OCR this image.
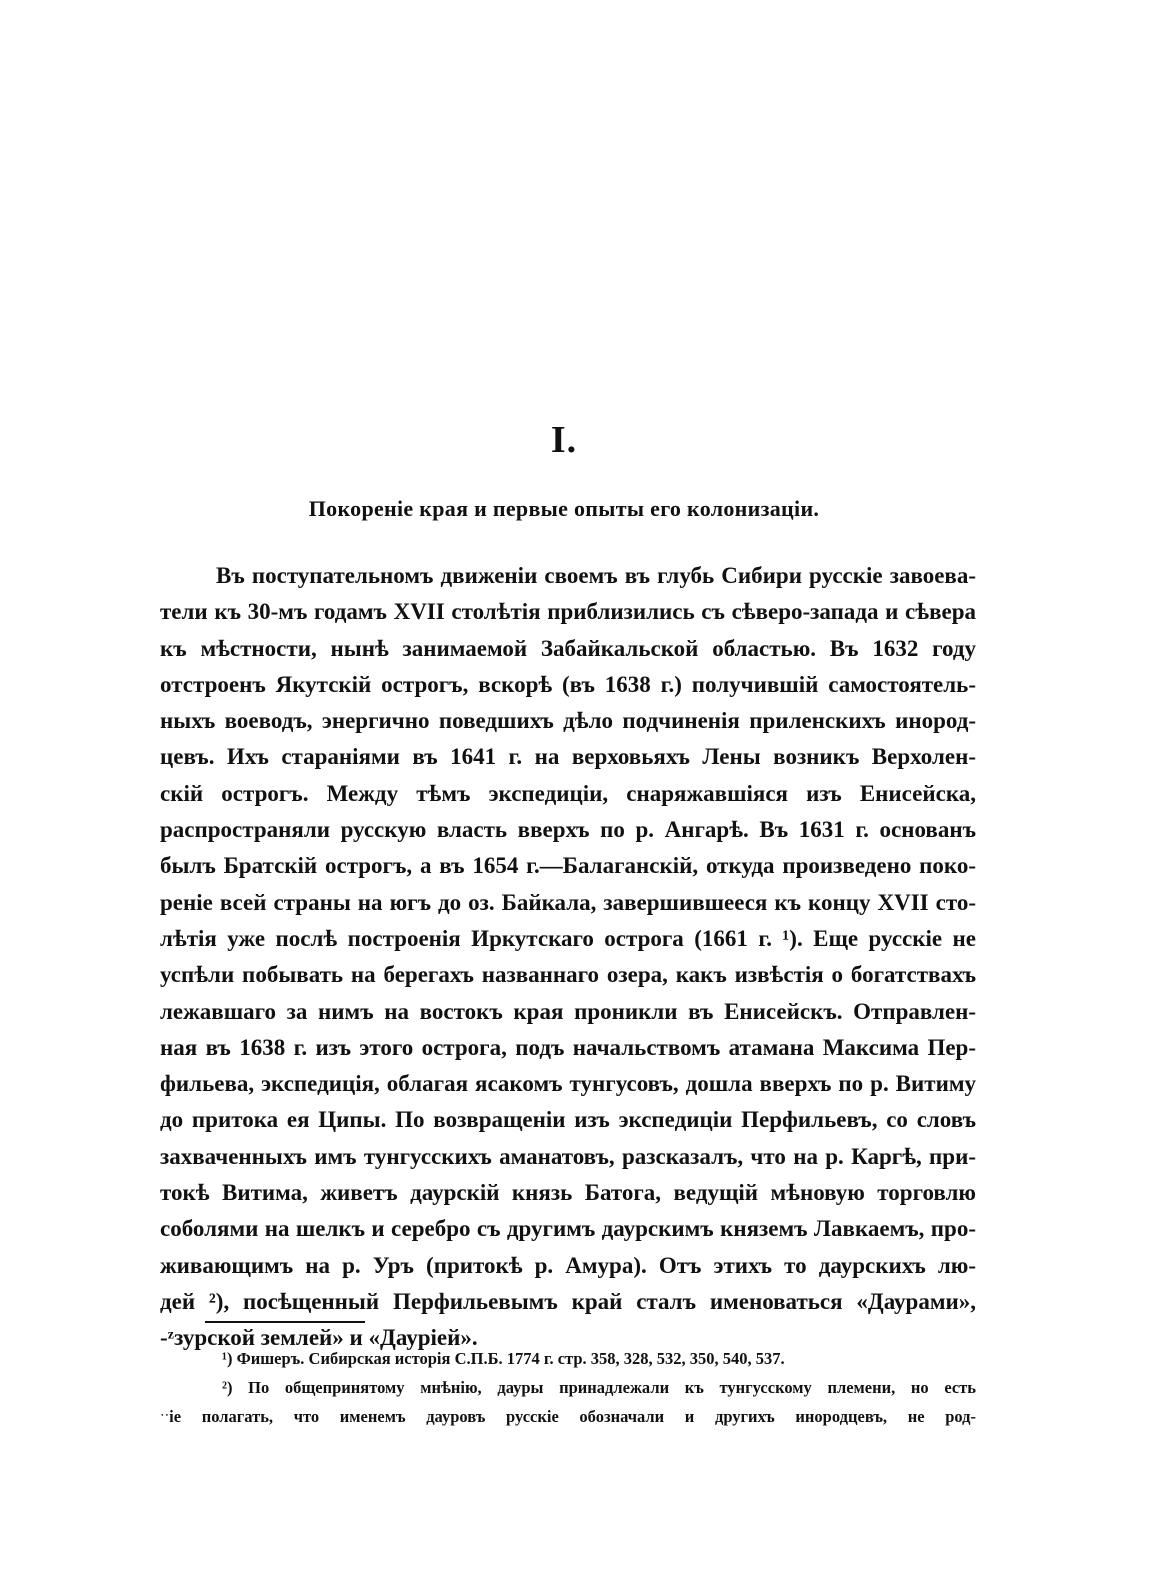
I.
Покореніе края и первые опыты его колонизаціи.
Въ поступательномъ движеніи своемъ въ глубь Сибири русскіе завоева-
тели къ 30-мъ годамъ XVII столѣтія приблизились съ сѣверо-запада и сѣвера
къ мѣстности, нынѣ занимаемой Забайкальской областью. Въ 1632 году
отстроенъ Якутскій острогъ, вскорѣ (въ 1638 г.) получившій самостоятель-
ныхъ воеводъ, энергично поведшихъ дѣло подчиненія приленскихъ инород-
цевъ. Ихъ стараніями въ 1641 г. на верховьяхъ Лены возникъ Верхолен-
скій острогъ. Между тѣмъ экспедиціи, снаряжавшіяся изъ Енисейска,
распространяли русскую власть вверхъ по р. Ангарѣ. Въ 1631 г. основанъ
былъ Братскій острогъ, а въ 1654 г.—Балаганскій, откуда произведено поко-
реніе всей страны на югъ до оз. Байкала, завершившееся къ концу XVII сто-
лѣтія уже послѣ построенія Иркутскаго острога (1661 г. ¹). Еще русскіе не
успѣли побывать на берегахъ названнаго озера, какъ извѣстія о богатствахъ
лежавшаго за нимъ на востокъ края проникли въ Енисейскъ. Отправлен-
ная въ 1638 г. изъ этого острога, подъ начальствомъ атамана Максима Пер-
фильева, экспедиція, облагая ясакомъ тунгусовъ, дошла вверхъ по р. Витиму
до притока ея Ципы. По возвращеніи изъ экспедиціи Перфильевъ, со словъ
захваченныхъ имъ тунгусскихъ аманатовъ, разсказалъ, что на р. Каргѣ, при-
токѣ Витима, живетъ даурскій князь Батога, ведущій мѣновую торговлю
соболями на шелкъ и серебро съ другимъ даурскимъ княземъ Лавкаемъ, про-
живающимъ на р. Уръ (притокѣ р. Амура). Отъ этихъ то даурскихъ лю-
дей ²), посѣщенный Перфильевымъ край сталъ именоваться «Даурами»,
-ᶻзурской землей» и «Дауріей».
¹) Фишеръ. Сибирская исторія С.П.Б. 1774 г. стр. 358, 328, 532, 350, 540, 537.
²) По общепринятому мнѣнію, дауры принадлежали къ тунгусскому племени, но есть
ˑˑіе полагать, что именемъ дауровъ русскіе обозначали и другихъ инородцевъ, не род-
